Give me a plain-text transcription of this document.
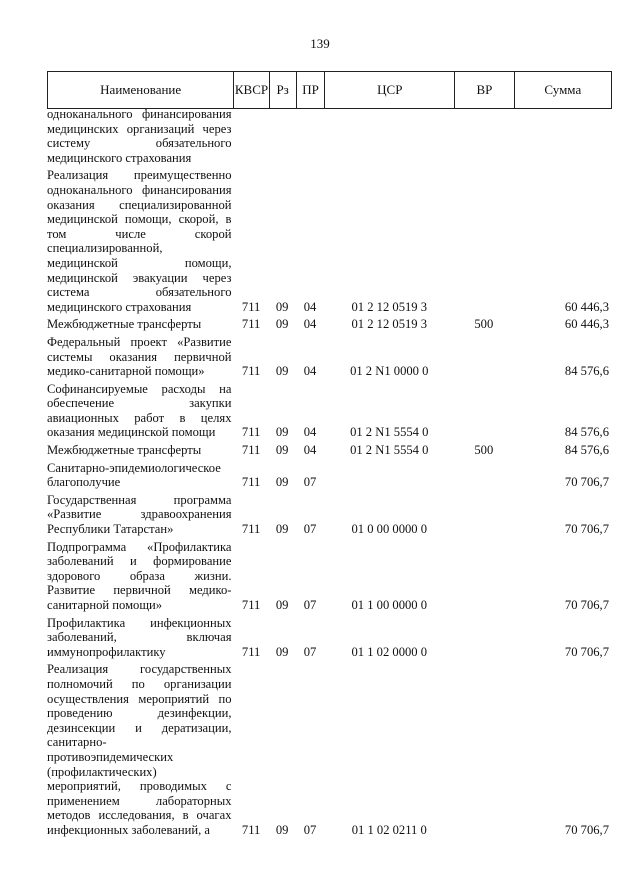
139
Наименование	КВСР Рз	ПР	ЦСР	ВР	Сумма
одноканального финансирования
медицинских организаций через
систему обязательного
медицинского страхования
Реализация преимущественно
одноканального финансирования
оказания специализированной
медицинской помощи, скорой, в
том числе скорой
специализированной,
медицинской помощи,
медицинской эвакуации через
система обязательного
медицинского страхования	711	09	04	01 2 12 0519 3	60 446,3
Межбюджетные трансферты	711	09	04	01 2 12 0519 3	500	60 446,3
Федеральный проект «Развитие
системы оказания первичной
медико-санитарной помощи»	711	09	04	01 2 N1 0000 0	84 576,6
Софинансируемые расходы на
обеспечение закупки
авиационных работ в целях
оказания медицинской помощи	711	09	04	01 2 N1 5554 0	84 576,6
Межбюджетные трансферты	711	09	04	01 2 N1 5554 0	500	84 576,6
Санитарно-эпидемиологическое
благополучие	711	09	07	70 706,7
Государственная программа
«Развитие здравоохранения
Республики Татарстан»	711	09	07	01 0 00 0000 0	70 706,7
Подпрограмма «Профилактика
заболеваний и формирование
здорового образа жизни.
Развитие первичной медико-
санитарной помощи»	711	09	07	01 1 00 0000 0	70 706,7
Профилактика инфекционных
заболеваний, включая
иммунопрофилактику	711	09	07	01 1 02 0000 0	70 706,7
Реализация государственных
полномочий по организации
осуществления мероприятий по
проведению дезинфекции,
дезинсекции и дератизации,
санитарно-
противоэпидемических
(профилактических)
мероприятий, проводимых с
применением лабораторных
методов исследования, в очагах
инфекционных заболеваний, а	711	09	07	01 1 02 0211 0	70 706,7
